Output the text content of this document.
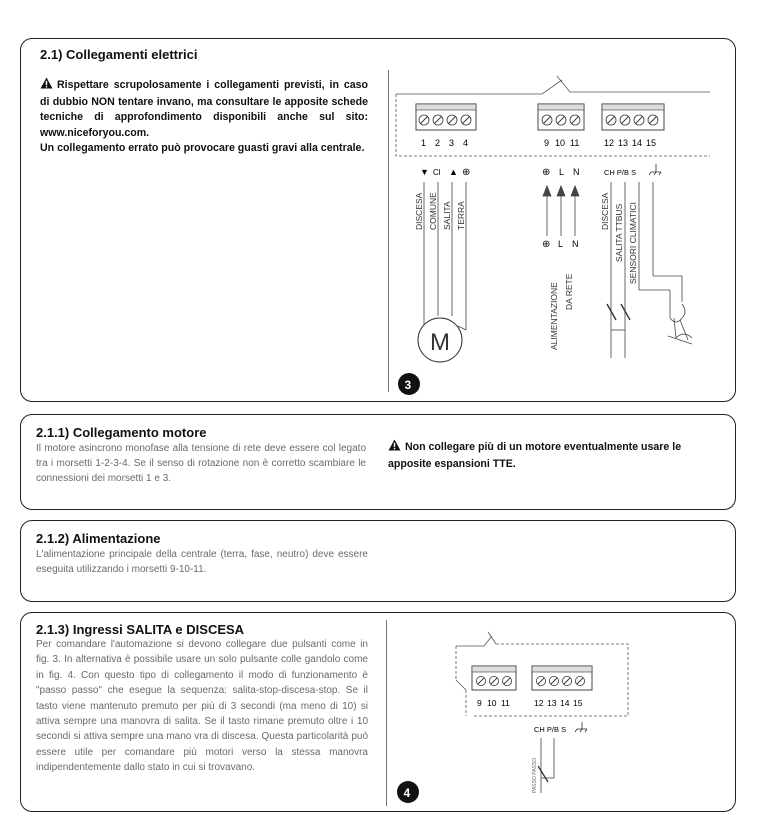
2.1) Collegamenti elettrici
Rispettare scrupolosamente i collegamenti previsti, in caso di dubbio NON tentare invano, ma consultare le apposite schede tecniche di approfondimento disponibili anche sul sito: www.niceforyou.com.
Un collegamento errato può provocare guasti gravi alla centrale.	1 2 3 4	9 10 11	12 13 14 15
▼ Cl ▲ ⊕	⊕ L N	CH P/B S
DISCESA COMUNE SALITA TERRA
M
⊕ L N
ALIMENTAZIONE DA RETE
DISCESA SALITA TTBUS SENSORI CLIMATICI
3
2.1.1) Collegamento motore
Il motore asincrono monofase alla tensione di rete deve essere col legato tra i morsetti 1-2-3-4. Se il senso di rotazione non è corretto scambiare le connessioni dei morsetti 1 e 3.
Non collegare più di un motore eventualmente usare le apposite espansioni TTE.
2.1.2) Alimentazione
L'alimentazione principale della centrale (terra, fase, neutro) deve essere eseguita utilizzando i morsetti 9-10-11.
2.1.3) Ingressi SALITA e DISCESA
Per comandare l'automazione si devono collegare due pulsanti come in fig. 3. In alternativa è possibile usare un solo pulsante colle gandolo come in fig. 4. Con questo tipo di collegamento il modo di funzionamento è "passo passo" che esegue la sequenza: salita-stop-discesa-stop. Se il tasto viene mantenuto premuto per più di 3 secondi (ma meno di 10) si attiva sempre una manovra di salita. Se il tasto rimane premuto oltre i 10 secondi si attiva sempre una mano vra di discesa. Questa particolarità può essere utile per comandare più motori verso la stessa manovra indipendentemente dallo stato in cui si trovavano.
9 10 11	12 13 14 15
CH P/B S
PASSO PASSO
4
